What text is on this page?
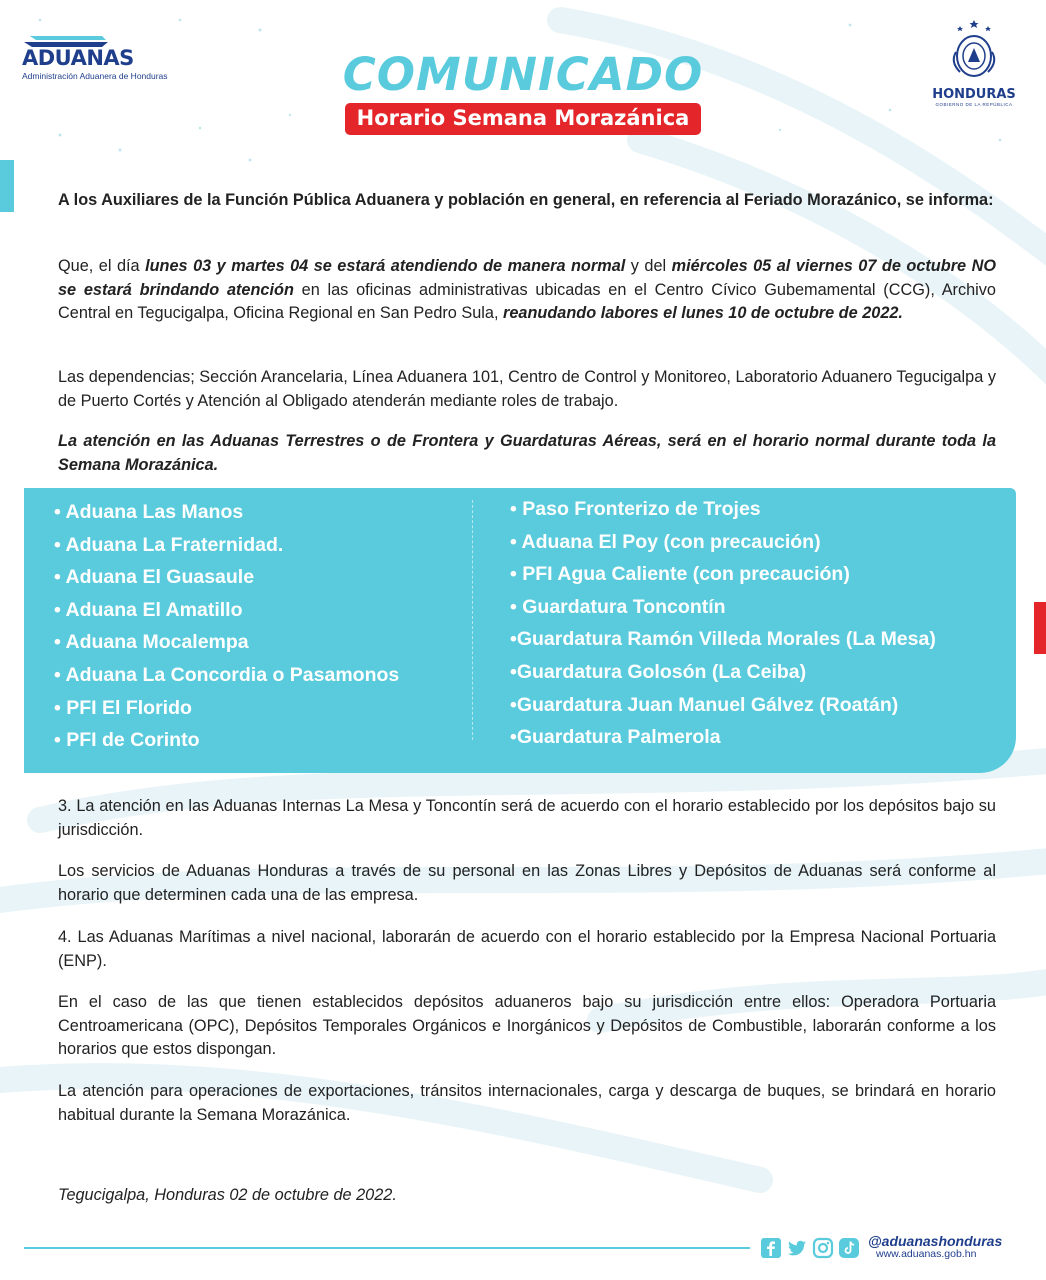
ADUANAS
Administración Aduanera de Honduras	COMUNICADO
Horario Semana Morazánica
HONDURAS
GOBIERNO DE LA REPÚBLICA
A los Auxiliares de la Función Pública Aduanera y población en general, en referencia al Feriado Morazánico, se informa:
Que, el día lunes 03 y martes 04 se estará atendiendo de manera normal y del miércoles 05 al viernes 07 de octubre NO se estará brindando atención en las oficinas administrativas ubicadas en el Centro Cívico Gubemamental (CCG), Archivo Central en Tegucigalpa, Oficina Regional en San Pedro Sula, reanudando labores el lunes 10 de octubre de 2022.
Las dependencias; Sección Arancelaria, Línea Aduanera 101, Centro de Control y Monitoreo, Laboratorio Aduanero Tegucigalpa y de Puerto Cortés y Atención al Obligado atenderán mediante roles de trabajo.
La atención en las Aduanas Terrestres o de Frontera y Guardaturas Aéreas, será en el horario normal durante toda la Semana Morazánica.
• Aduana Las Manos
• Aduana La Fraternidad.
• Aduana El Guasaule
• Aduana El Amatillo
• Aduana Mocalempa
• Aduana La Concordia o Pasamonos
• PFI El Florido
• PFI de Corinto
• Paso Fronterizo de Trojes
• Aduana El Poy (con precaución)
• PFI Agua Caliente (con precaución)
• Guardatura Toncontín
•Guardatura Ramón Villeda Morales (La Mesa)
•Guardatura Golosón (La Ceiba)
•Guardatura Juan Manuel Gálvez (Roatán)
•Guardatura Palmerola
3. La atención en las Aduanas Internas La Mesa y Toncontín será de acuerdo con el horario establecido por los depósitos bajo su jurisdicción.
Los servicios de Aduanas Honduras a través de su personal en las Zonas Libres y Depósitos de Aduanas será conforme al horario que determinen cada una de las empresa.
4. Las Aduanas Marítimas a nivel nacional, laborarán de acuerdo con el horario establecido por la Empresa Nacional Portuaria (ENP).
En el caso de las que tienen establecidos depósitos aduaneros bajo su jurisdicción entre ellos: Operadora Portuaria Centroamericana (OPC), Depósitos Temporales Orgánicos e Inorgánicos y Depósitos de Combustible, laborarán conforme a los horarios que estos dispongan.
La atención para operaciones de exportaciones, tránsitos internacionales, carga y descarga de buques, se brindará en horario habitual durante la Semana Morazánica.
Tegucigalpa, Honduras 02 de octubre de 2022.
@aduanashonduras
www.aduanas.gob.hn
